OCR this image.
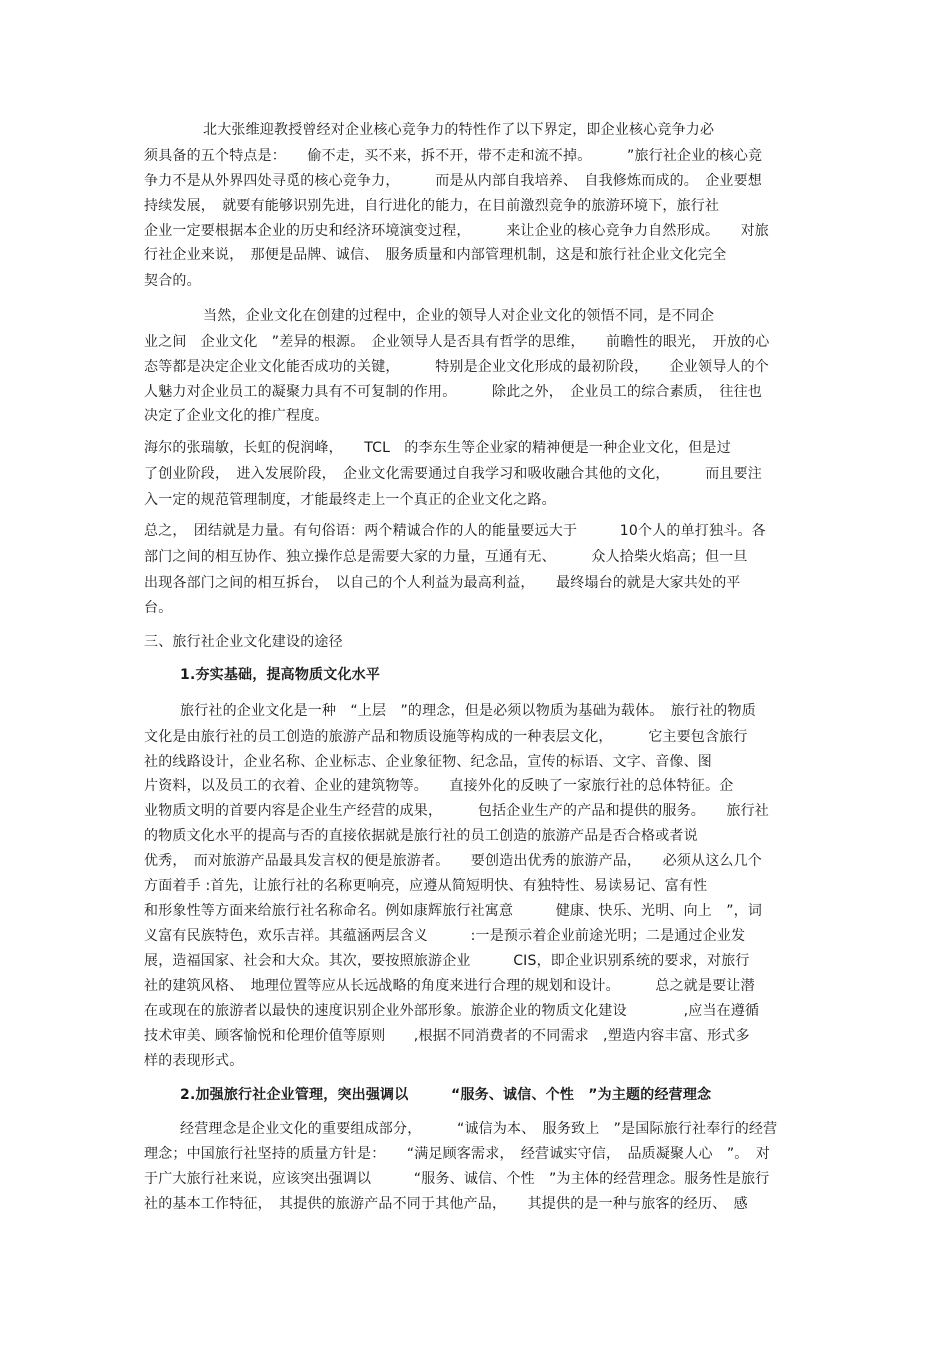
北大张维迎教授曾经对企业核心竞争力的特性作了以下界定，即企业核心竞争力必
须具备的五个特点是：　　偷不走，买不来，拆不开，带不走和流不掉。　　　”旅行社企业的核心竞
争力不是从外界四处寻觅的核心竞争力，　　　而是从内部自我培养、　自我修炼而成的。　企业要想
持续发展，　就要有能够识别先进，自行进化的能力，在目前激烈竞争的旅游环境下，旅行社
企业一定要根据本企业的历史和经济环境演变过程，　　　来让企业的核心竞争力自然形成。　　对旅
行社企业来说，　那便是品牌、诚信、　服务质量和内部管理机制，这是和旅行社企业文化完全
契合的。
当然，企业文化在创建的过程中，企业的领导人对企业文化的领悟不同，是不同企
业之间　企业文化　”差异的根源。　企业领导人是否具有哲学的思维，　　前瞻性的眼光，　开放的心
态等都是决定企业文化能否成功的关键，　　　特别是企业文化形成的最初阶段，　　企业领导人的个
人魅力对企业员工的凝聚力具有不可复制的作用。　　　除此之外，　企业员工的综合素质，　往往也
决定了企业文化的推广程度。
海尔的张瑞敏，长虹的倪润峰，　　TCL　的李东生等企业家的精神便是一种企业文化，但是过
了创业阶段，　进入发展阶段，　企业文化需要通过自我学习和吸收融合其他的文化，　　　而且要注
入一定的规范管理制度，才能最终走上一个真正的企业文化之路。
总之，　团结就是力量。有句俗语：两个精诚合作的人的能量要远大于　　　10个人的单打独斗。各
部门之间的相互协作、独立操作总是需要大家的力量，互通有无、　　　众人拾柴火焰高；但一旦
出现各部门之间的相互拆台，　以自己的个人利益为最高利益，　　最终塌台的就是大家共处的平
台。
三、旅行社企业文化建设的途径
1.夯实基础，提高物质文化水平
旅行社的企业文化是一种　“上层　”的理念，但是必须以物质为基础为载体。　旅行社的物质
文化是由旅行社的员工创造的旅游产品和物质设施等构成的一种表层文化，　　　它主要包含旅行
社的线路设计，企业名称、企业标志、企业象征物、纪念品，宣传的标语、文字、音像、图
片资料，以及员工的衣着、企业的建筑物等。　　直接外化的反映了一家旅行社的总体特征。企
业物质文明的首要内容是企业生产经营的成果，　　　包括企业生产的产品和提供的服务。　　旅行社
的物质文化水平的提高与否的直接依据就是旅行社的员工创造的旅游产品是否合格或者说
优秀，　而对旅游产品最具发言权的便是旅游者。　　要创造出优秀的旅游产品，　　必须从这么几个
方面着手 :首先，让旅行社的名称更响亮，应遵从简短明快、有独特性、易读易记、富有性
和形象性等方面来给旅行社名称命名。例如康辉旅行社寓意　　　健康、快乐、光明、向上　”，词
义富有民族特色，欢乐吉祥。其蕴涵两层含义　　　:一是预示着企业前途光明；二是通过企业发
展，造福国家、社会和大众。其次，要按照旅游企业　　　CIS，即企业识别系统的要求，对旅行
社的建筑风格、　地理位置等应从长远战略的角度来进行合理的规划和设计。　　　总之就是要让潜
在或现在的旅游者以最快的速度识别企业外部形象。旅游企业的物质文化建设　　　　,应当在遵循
技术审美、顾客愉悦和伦理价值等原则　　,根据不同消费者的不同需求　,塑造内容丰富、形式多
样的表现形式。
2.加强旅行社企业管理，突出强调以　　　“服务、诚信、个性　”为主题的经营理念
经营理念是企业文化的重要组成部分，　　　“诚信为本、　服务致上　”是国际旅行社奉行的经营
理念；中国旅行社坚持的质量方针是：　　“满足顾客需求，　经营诚实守信，　品质凝聚人心　”。　对
于广大旅行社来说，应该突出强调以　　　“服务、诚信、个性　”为主体的经营理念。服务性是旅行
社的基本工作特征，　其提供的旅游产品不同于其他产品，　　其提供的是一种与旅客的经历、　感
